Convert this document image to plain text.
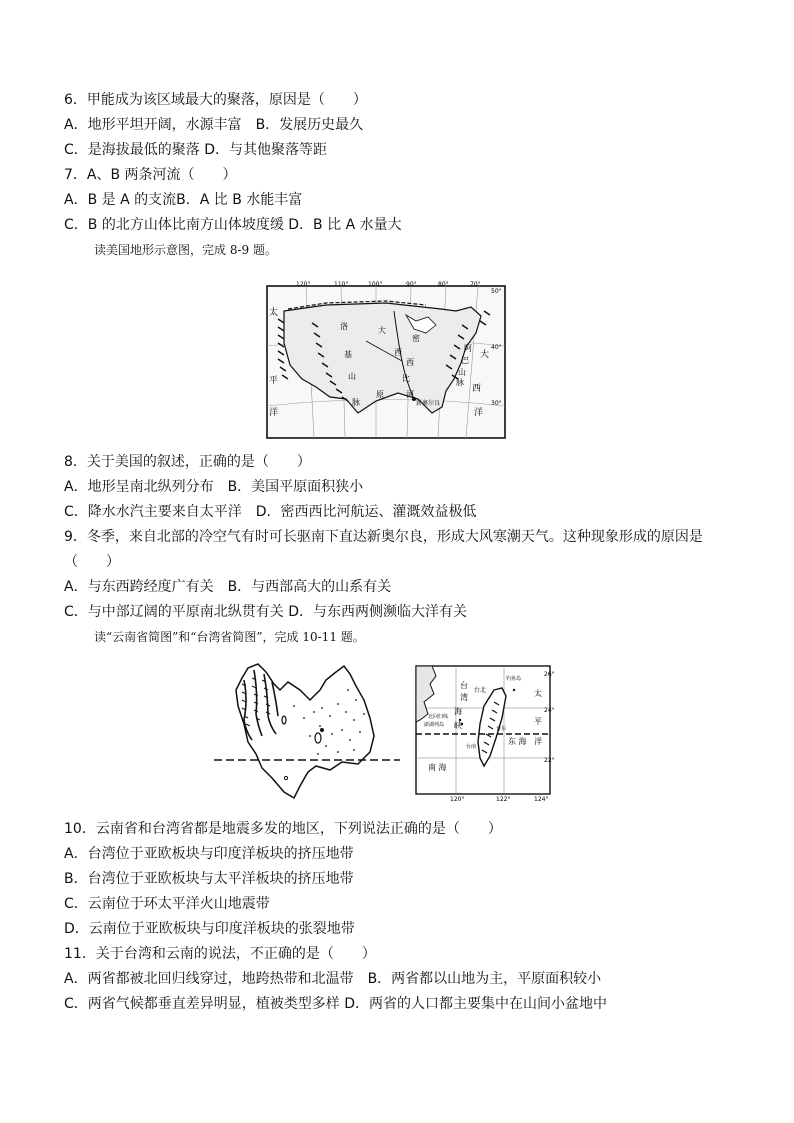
6．甲能成为该区域最大的聚落，原因是（　　）
A．地形平坦开阔，水源丰富　B．发展历史最久
C．是海拔最低的聚落 D．与其他聚落等距
7．A、B 两条河流（　　）
A．B 是 A 的支流B．A 比 B 水能丰富
C．B 的北方山体比南方山体坡度缓 D．B 比 A 水量大
读美国地形示意图，完成 8-9 题。
120°	110°	100°	90°	80°	70°
50°
40°
30°
太
平
洋
洛
基
山
脉
密
西
西
比
河
大
原
阿
巴
山
脉
大
西
洋
新奥尔良
8．关于美国的叙述，正确的是（　　）
A．地形呈南北纵列分布　B．美国平原面积狭小
C．降水水汽主要来自太平洋　D．密西西比河航运、灌溉效益极低
9．冬季，来自北部的冷空气有时可长驱南下直达新奥尔良，形成大风寒潮天气。这种现象形成的原因是
（　　）
A．与东西跨经度广有关　B．与西部高大的山系有关
C．与中部辽阔的平原南北纵贯有关 D．与东西两侧濒临大洋有关
读“云南省简图”和“台湾省简图”，完成 10-11 题。
120°	122°	124°
26°
24°
22°
台
湾
海
峡
台北
澎湖列岛
北回归线
钓鱼岛
太
平
洋
东 海
南 海
台南
台东
10．云南省和台湾省都是地震多发的地区，下列说法正确的是（　　）
A．台湾位于亚欧板块与印度洋板块的挤压地带
B．台湾位于亚欧板块与太平洋板块的挤压地带
C．云南位于环太平洋火山地震带
D．云南位于亚欧板块与印度洋板块的张裂地带
11．关于台湾和云南的说法，不正确的是（　　）
A．两省都被北回归线穿过，地跨热带和北温带　B．两省都以山地为主，平原面积较小
C．两省气候都垂直差异明显，植被类型多样 D．两省的人口都主要集中在山间小盆地中
